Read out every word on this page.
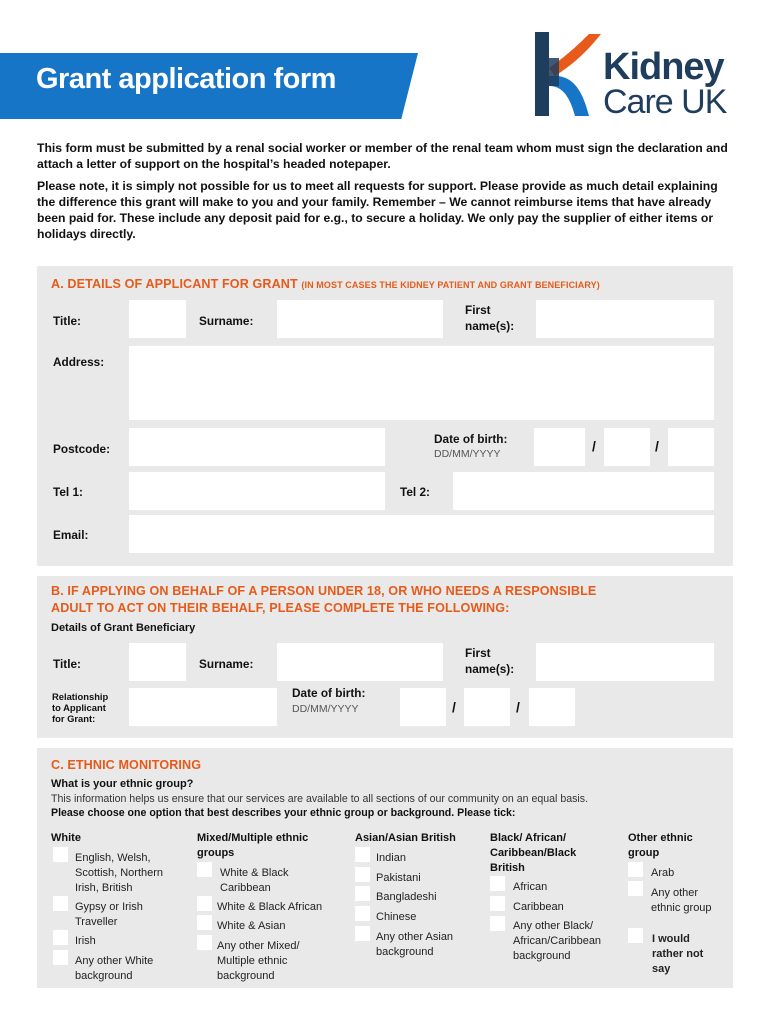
Grant application form	Kidney
Care UK
This form must be submitted by a renal social worker or member of the renal team whom must sign the declaration and attach a letter of support on the hospital’s headed notepaper.
Please note, it is simply not possible for us to meet all requests for support. Please provide as much detail explaining the difference this grant will make to you and your family. Remember – We cannot reimburse items that have already been paid for. These include any deposit paid for e.g., to secure a holiday. We only pay the supplier of either items or holidays directly.
A. DETAILS OF APPLICANT FOR GRANT (IN MOST CASES THE KIDNEY PATIENT AND GRANT BENEFICIARY)
Title:	Surname:
First
name(s):
Address:
Postcode:
Date of birth:
DD/MM/YYYY	/	/
Tel 1:	Tel 2:
Email:
B. IF APPLYING ON BEHALF OF A PERSON UNDER 18, OR WHO NEEDS A RESPONSIBLE
ADULT TO ACT ON THEIR BEHALF, PLEASE COMPLETE THE FOLLOWING:
Details of Grant Beneficiary
Title:	Surname:
First
name(s):
Relationship
to Applicant
for Grant:
Date of birth:
DD/MM/YYYY	/	/
C. ETHNIC MONITORING
What is your ethnic group?
This information helps us ensure that our services are available to all sections of our community on an equal basis.
Please choose one option that best describes your ethnic group or background. Please tick:
White
English, Welsh,
Scottish, Northern
Irish, British
Gypsy or Irish
Traveller
Irish
Any other White
background
Mixed/Multiple ethnic
groups
White & Black
Caribbean
White & Black African
White & Asian
Any other Mixed/
Multiple ethnic
background
Asian/Asian British
Indian
Pakistani
Bangladeshi
Chinese
Any other Asian
background
Black/ African/
Caribbean/Black
British
African
Caribbean
Any other Black/
African/Caribbean
background
Other ethnic
group
Arab
Any other
ethnic group
I would
rather not
say
